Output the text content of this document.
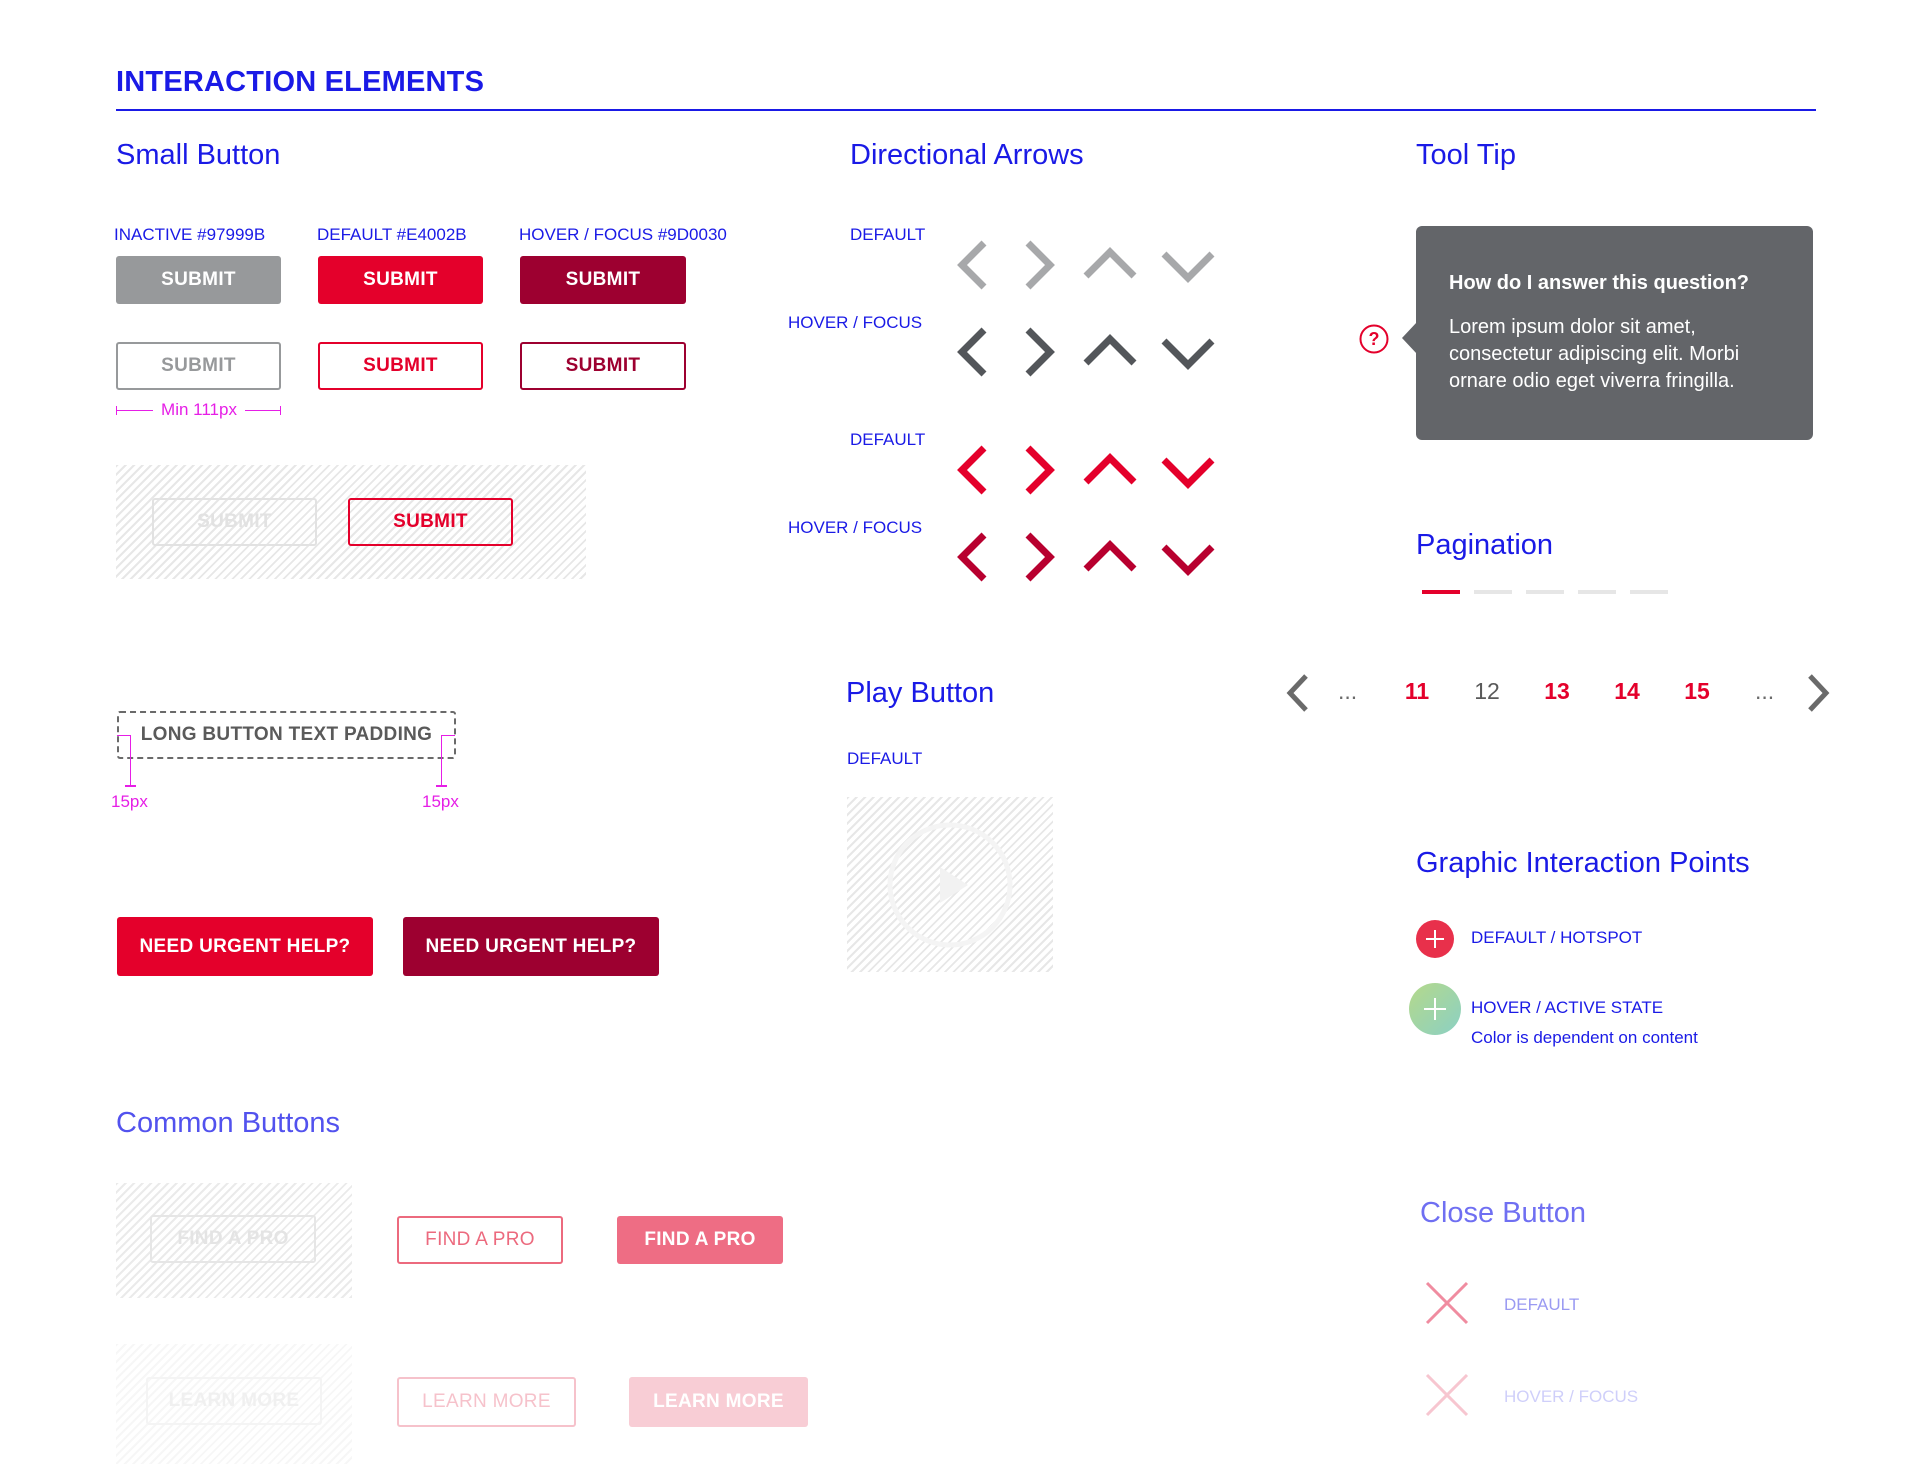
INTERACTION ELEMENTS
Small Button
INACTIVE #97999B	DEFAULT #E4002B	HOVER / FOCUS #9D0030
SUBMIT	SUBMIT	SUBMIT
SUBMIT	SUBMIT	SUBMIT
Min 111px
SUBMIT	SUBMIT
LONG BUTTON TEXT PADDING
15px	15px
NEED URGENT HELP?	NEED URGENT HELP?
Directional Arrows
DEFAULT
HOVER / FOCUS
DEFAULT
HOVER / FOCUS
Tool Tip
How do I answer this question?
Lorem ipsum dolor sit amet, consectetur adipiscing elit. Morbi ornare odio eget viverra fringilla.
?
Pagination
...	11	12	13	14	15	...
Play Button
DEFAULT
Graphic Interaction Points
DEFAULT / HOTSPOT
HOVER / ACTIVE STATE
Color is dependent on content
Common Buttons
FIND A PRO	FIND A PRO	FIND A PRO
LEARN MORE	LEARN MORE	LEARN MORE
Close Button
DEFAULT
HOVER / FOCUS
